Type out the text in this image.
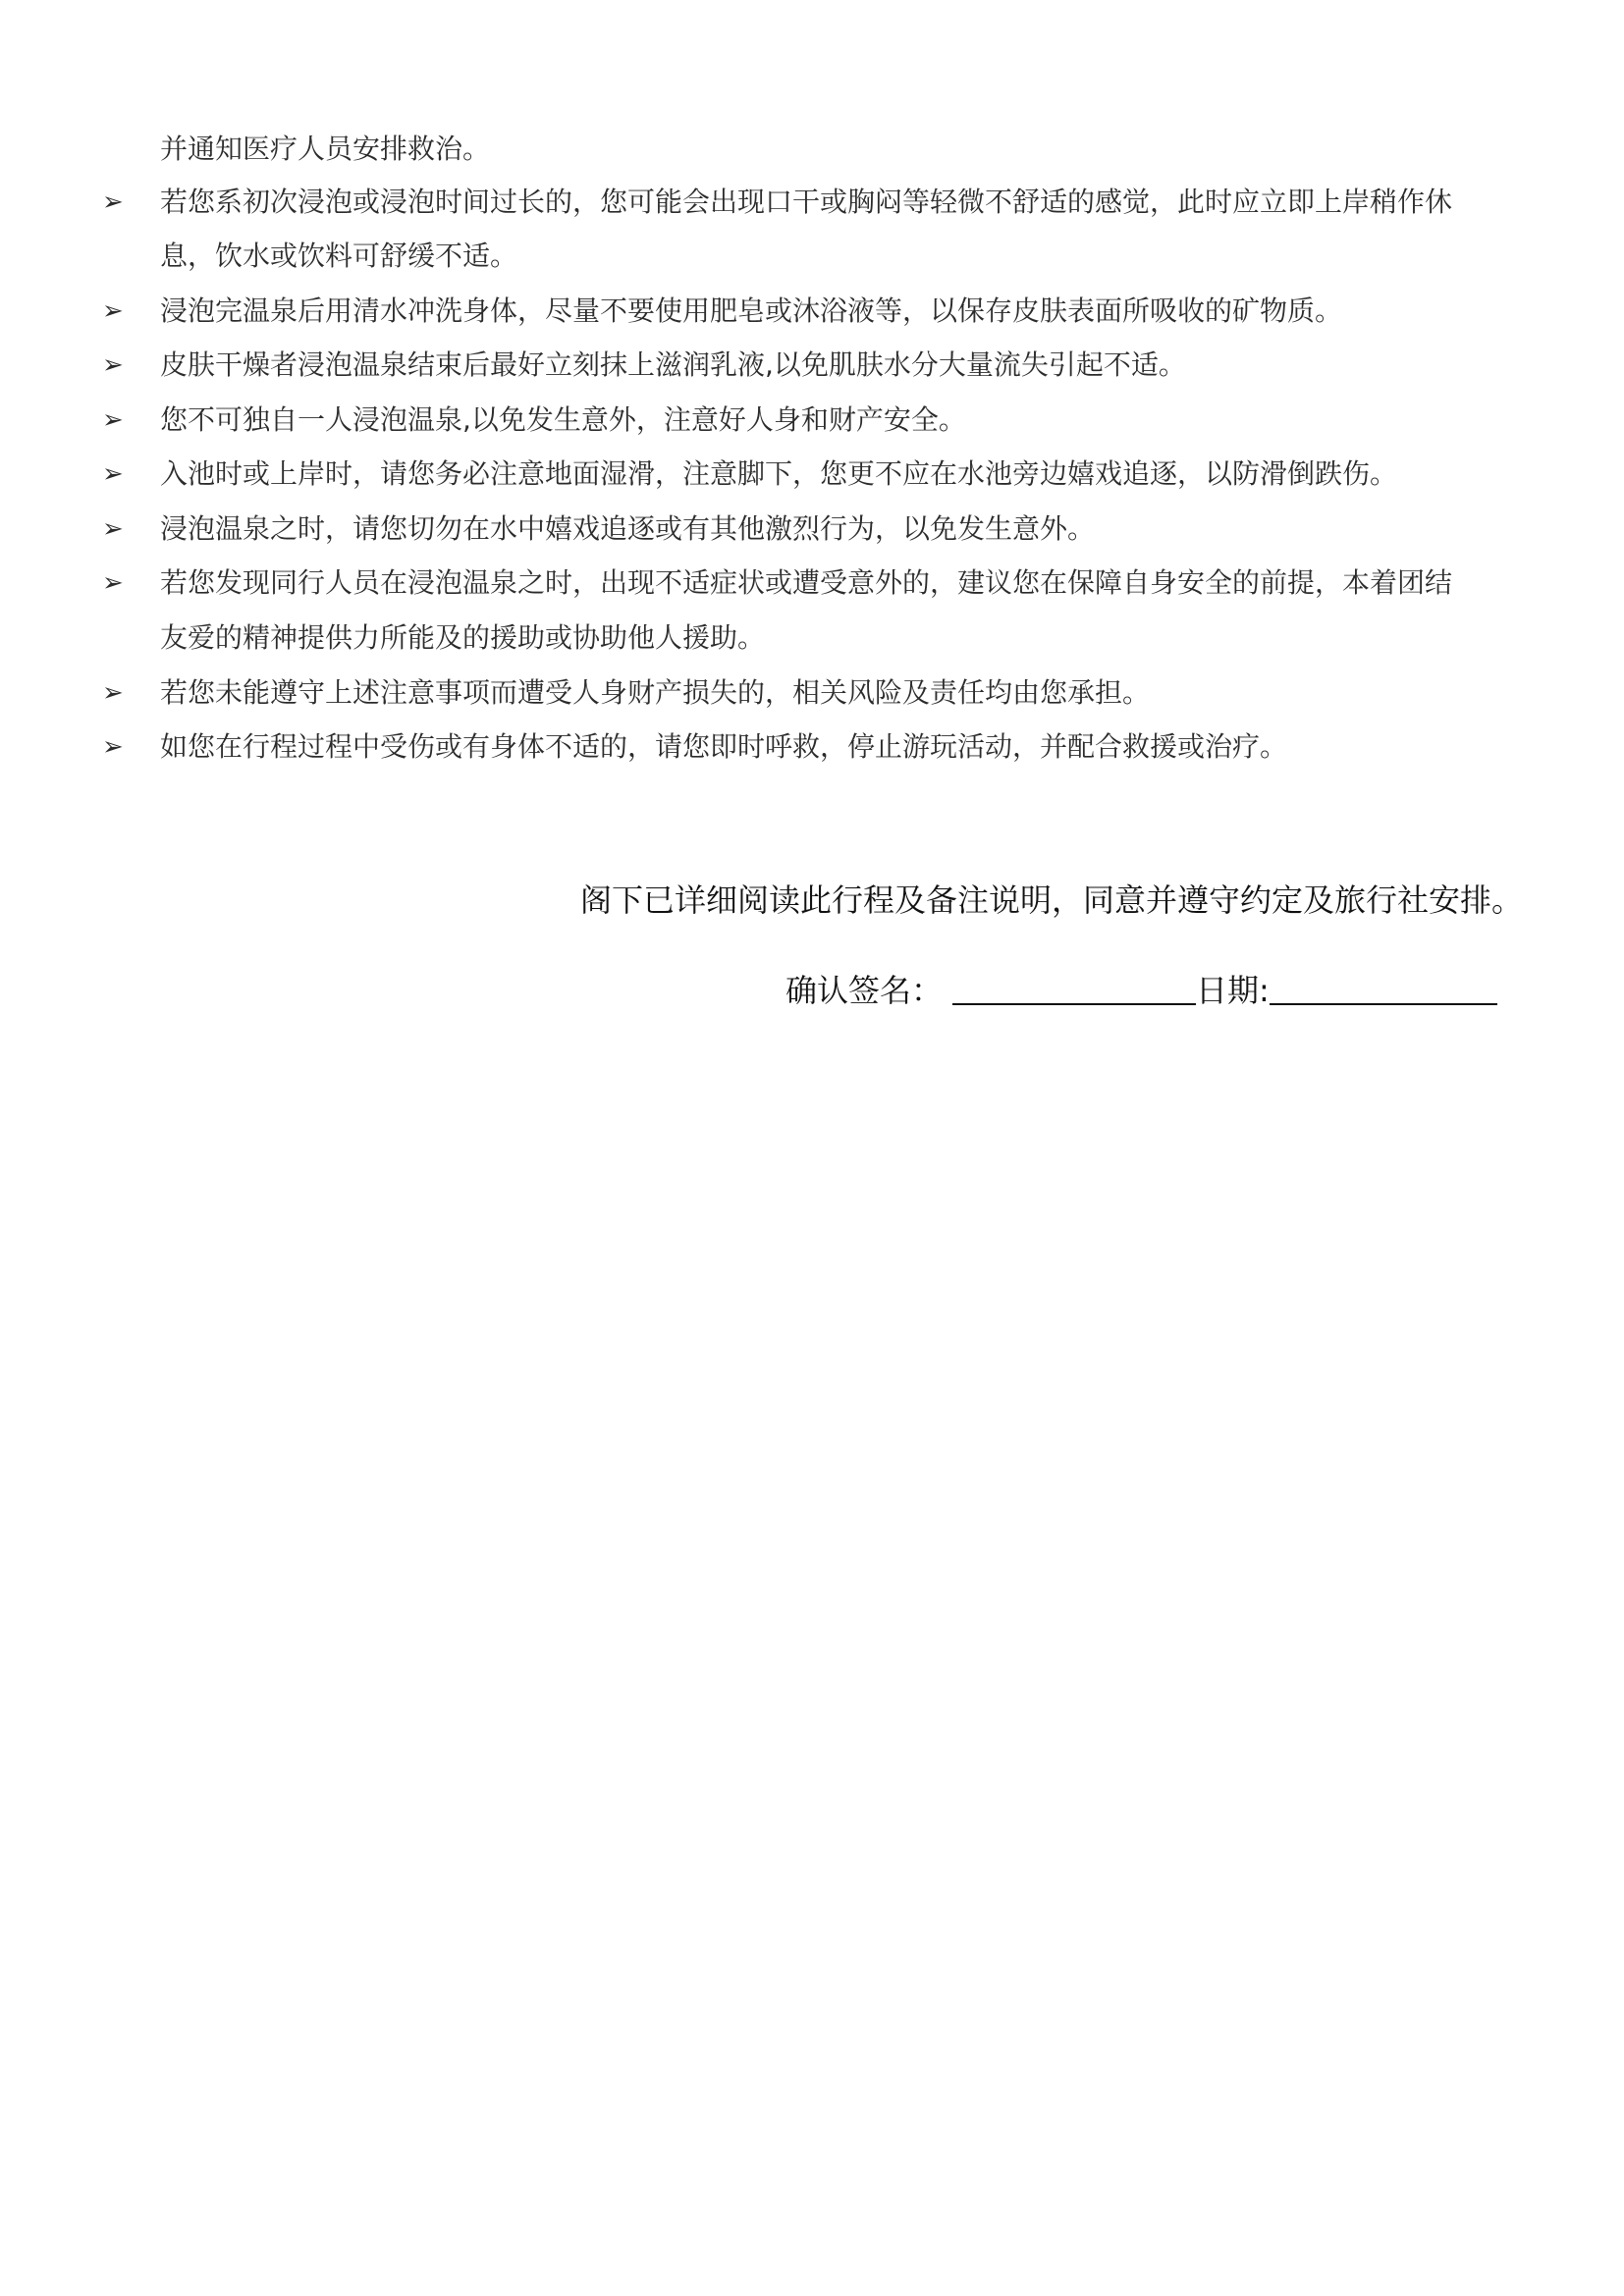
并通知医疗人员安排救治。
➢ 若您系初次浸泡或浸泡时间过长的，您可能会出现口干或胸闷等轻微不舒适的感觉，此时应立即上岸稍作休
息，饮水或饮料可舒缓不适。
➢ 浸泡完温泉后用清水冲洗身体，尽量不要使用肥皂或沐浴液等，以保存皮肤表面所吸收的矿物质。
➢ 皮肤干燥者浸泡温泉结束后最好立刻抹上滋润乳液,以免肌肤水分大量流失引起不适。
➢ 您不可独自一人浸泡温泉,以免发生意外，注意好人身和财产安全。
➢ 入池时或上岸时，请您务必注意地面湿滑，注意脚下，您更不应在水池旁边嬉戏追逐，以防滑倒跌伤。
➢ 浸泡温泉之时，请您切勿在水中嬉戏追逐或有其他激烈行为，以免发生意外。
➢ 若您发现同行人员在浸泡温泉之时，出现不适症状或遭受意外的，建议您在保障自身安全的前提，本着团结
友爱的精神提供力所能及的援助或协助他人援助。
➢ 若您未能遵守上述注意事项而遭受人身财产损失的，相关风险及责任均由您承担。
➢ 如您在行程过程中受伤或有身体不适的，请您即时呼救，停止游玩活动，并配合救援或治疗。
阁下已详细阅读此行程及备注说明，同意并遵守约定及旅行社安排。
确认签名：	日期:
